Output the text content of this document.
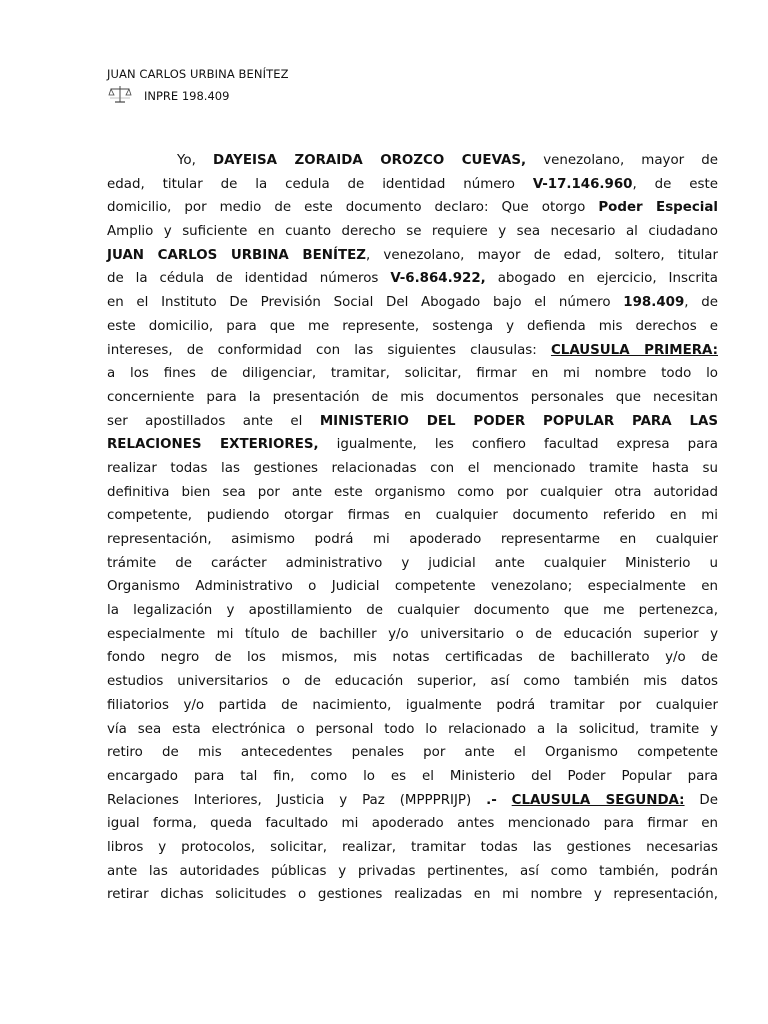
JUAN CARLOS URBINA BENÍTEZ
INPRE 198.409
Yo, DAYEISA ZORAIDA OROZCO CUEVAS, venezolano, mayor de
edad, titular de la cedula de identidad número V-17.146.960, de este
domicilio, por medio de este documento declaro: Que otorgo Poder Especial
Amplio y suficiente en cuanto derecho se requiere y sea necesario al ciudadano
JUAN CARLOS URBINA BENÍTEZ, venezolano, mayor de edad, soltero, titular
de la cédula de identidad números V-6.864.922, abogado en ejercicio, Inscrita
en el Instituto De Previsión Social Del Abogado bajo el número 198.409, de
este domicilio, para que me represente, sostenga y defienda mis derechos e
intereses, de conformidad con las siguientes clausulas: CLAUSULA PRIMERA:
a los fines de diligenciar, tramitar, solicitar, firmar en mi nombre todo lo
concerniente para la presentación de mis documentos personales que necesitan
ser apostillados ante el MINISTERIO DEL PODER POPULAR PARA LAS
RELACIONES EXTERIORES, igualmente, les confiero facultad expresa para
realizar todas las gestiones relacionadas con el mencionado tramite hasta su
definitiva bien sea por ante este organismo como por cualquier otra autoridad
competente, pudiendo otorgar firmas en cualquier documento referido en mi
representación, asimismo podrá mi apoderado representarme en cualquier
trámite de carácter administrativo y judicial ante cualquier Ministerio u
Organismo Administrativo o Judicial competente venezolano; especialmente en
la legalización y apostillamiento de cualquier documento que me pertenezca,
especialmente mi título de bachiller y/o universitario o de educación superior y
fondo negro de los mismos, mis notas certificadas de bachillerato y/o de
estudios universitarios o de educación superior, así como también mis datos
filiatorios y/o partida de nacimiento, igualmente podrá tramitar por cualquier
vía sea esta electrónica o personal todo lo relacionado a la solicitud, tramite y
retiro de mis antecedentes penales por ante el Organismo competente
encargado para tal fin, como lo es el Ministerio del Poder Popular para
Relaciones Interiores, Justicia y Paz (MPPPRIJP) .- CLAUSULA SEGUNDA: De
igual forma, queda facultado mi apoderado antes mencionado para firmar en
libros y protocolos, solicitar, realizar, tramitar todas las gestiones necesarias
ante las autoridades públicas y privadas pertinentes, así como también, podrán
retirar dichas solicitudes o gestiones realizadas en mi nombre y representación,
